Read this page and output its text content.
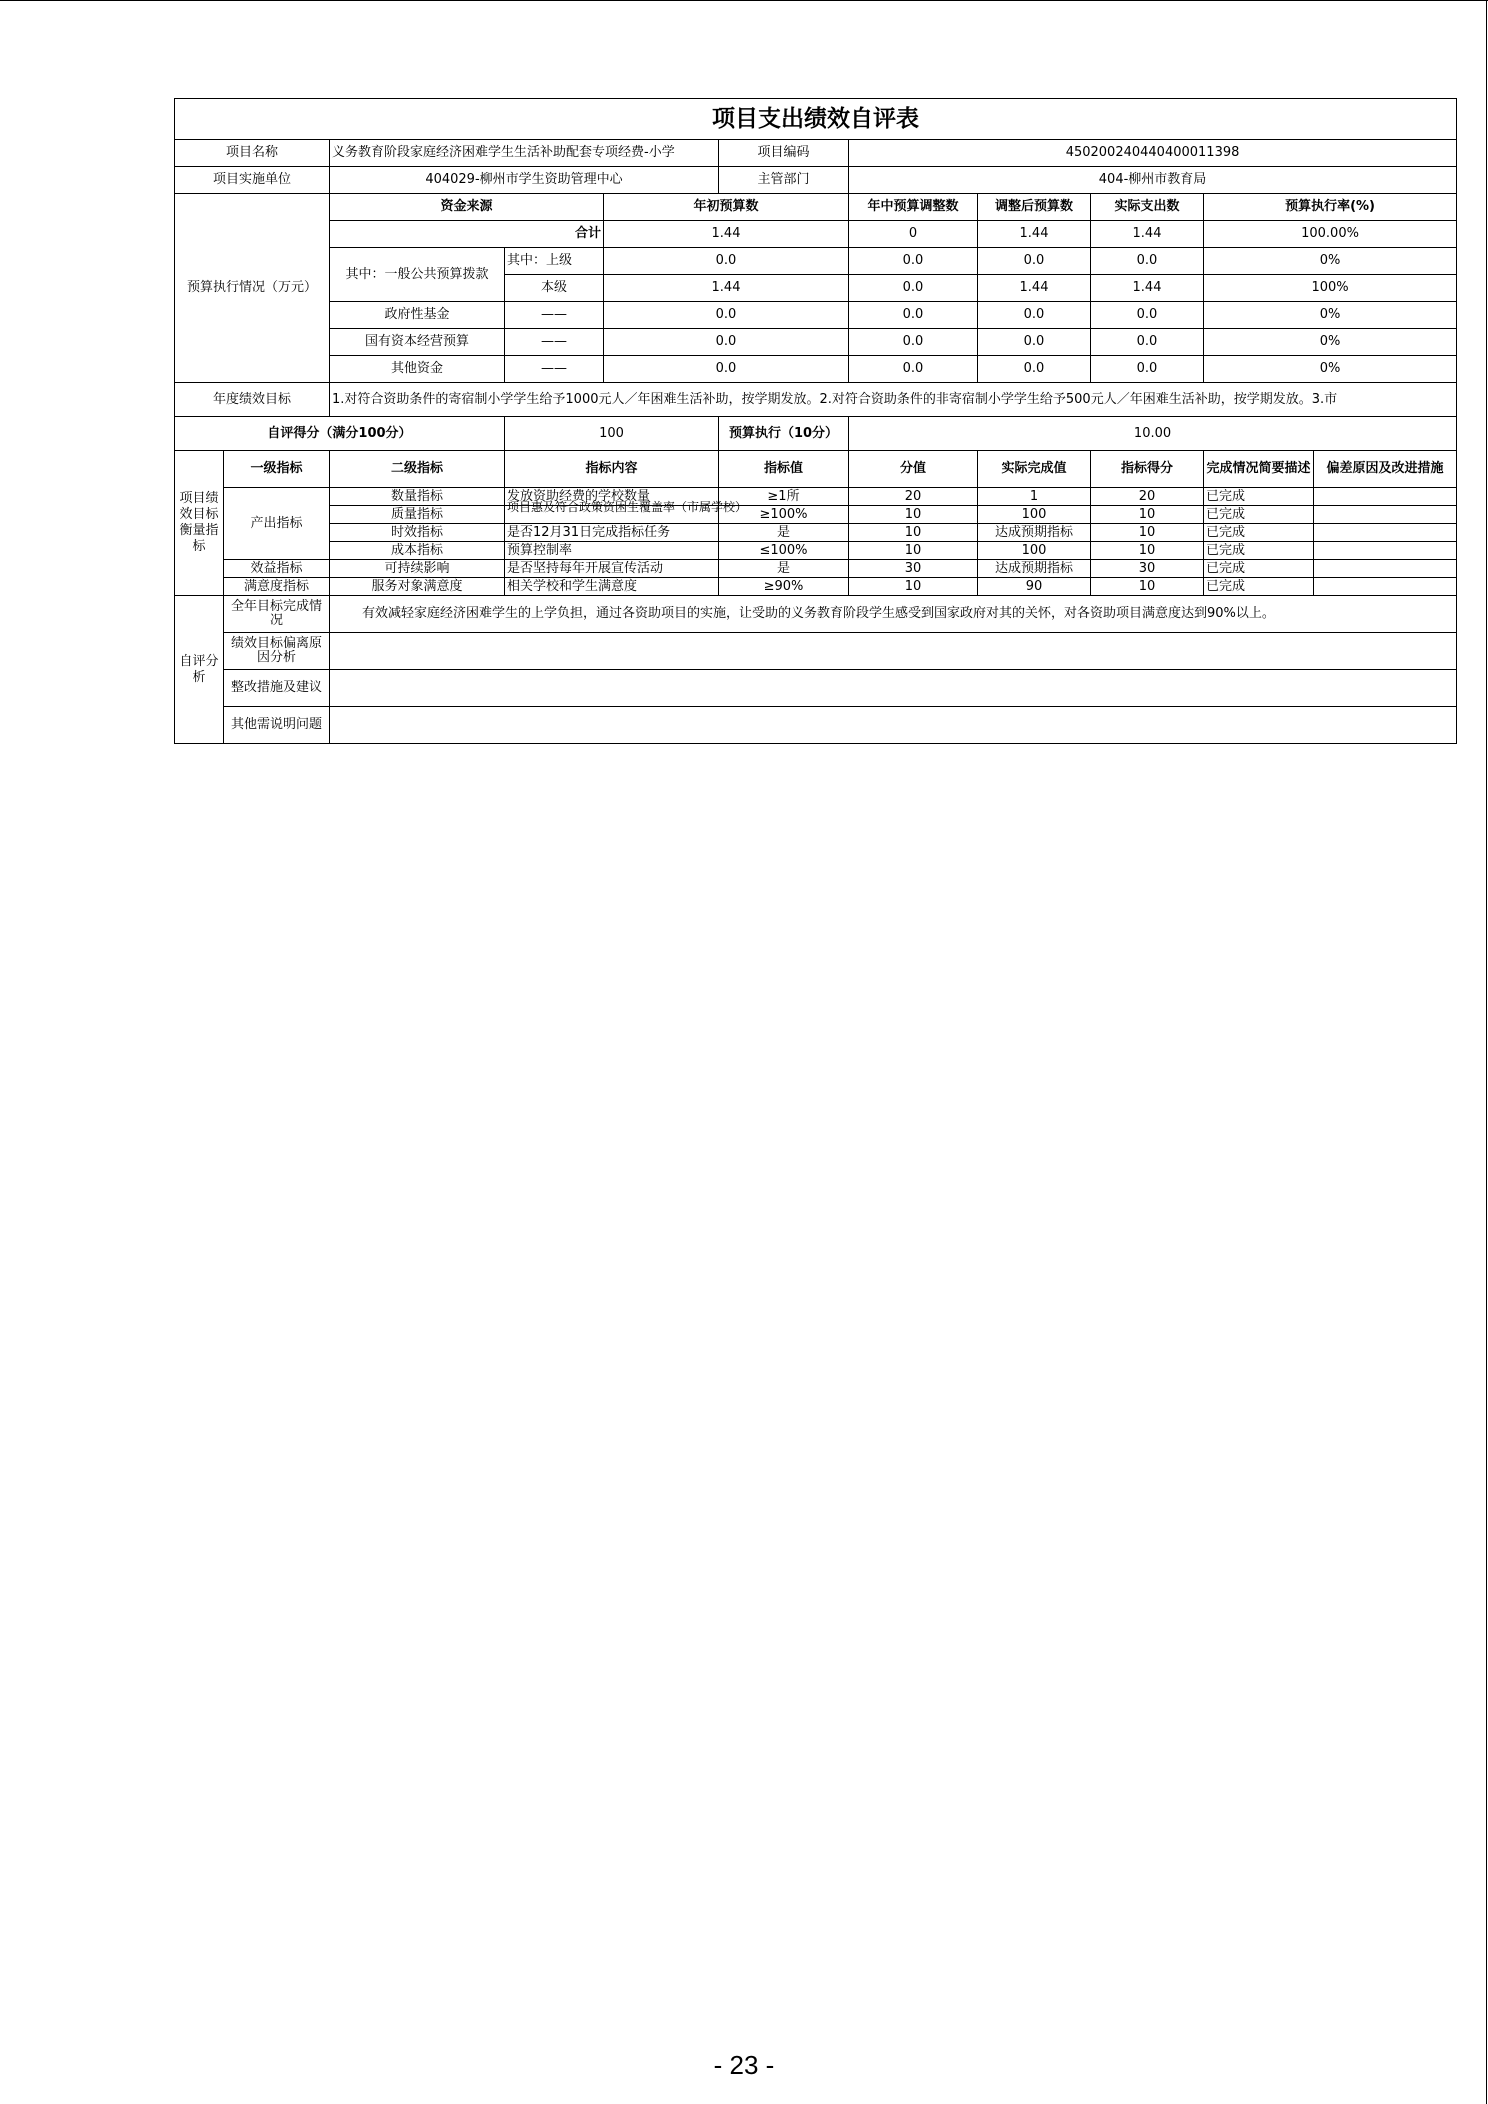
项目支出绩效自评表										
项目名称		义务教育阶段家庭经济困难学生生活补助配套专项经费-小学			项目编码	450200240440400011398				
项目实施单位		404029-柳州市学生资助管理中心			主管部门	404-柳州市教育局				
预算执行情况（万元）		资金来源		年初预算数		年中预算调整数	调整后预算数	实际支出数	预算执行率(%)	
		合计		1.44		0	1.44	1.44	100.00%	
		其中：一般公共预算拨款	其中：上级	0.0		0.0	0.0	0.0	0%	
			本级	1.44		0.0	1.44	1.44	100%	
		政府性基金	——	0.0		0.0	0.0	0.0	0%	
		国有资本经营预算	——	0.0		0.0	0.0	0.0	0%	
		其他资金	——	0.0		0.0	0.0	0.0	0%	
年度绩效目标		1.对符合资助条件的寄宿制小学学生给予1000元人／年困难生活补助，按学期发放。2.对符合资助条件的非寄宿制小学学生给予500元人／年困难生活补助，按学期发放。3.市								
自评得分（满分100分）			100		预算执行（10分）	10.00				
项目绩效目标衡量指标	一级指标	二级指标	指标内容		指标值	分值	实际完成值	指标得分	完成情况简要描述	偏差原因及改进措施
	产出指标	数量指标	发放资助经费的学校数量		≥1所	20	1	20	已完成	
		质量指标	项目惠及符合政策资困生覆盖率（市属学校）		≥100%	10	100	10	已完成	
		时效指标	是否12月31日完成指标任务		是	10	达成预期指标	10	已完成	
		成本指标	预算控制率		≤100%	10	100	10	已完成	
	效益指标	可持续影响	是否坚持每年开展宣传活动		是	30	达成预期指标	30	已完成	
	满意度指标	服务对象满意度	相关学校和学生满意度		≥90%	10	90	10	已完成	
自评分析	全年目标完成情况	有效减轻家庭经济困难学生的上学负担，通过各资助项目的实施，让受助的义务教育阶段学生感受到国家政府对其的关怀，对各资助项目满意度达到90%以上。								
	绩效目标偏离原因分析									
	整改措施及建议									
	其他需说明问题									
- 23 -
